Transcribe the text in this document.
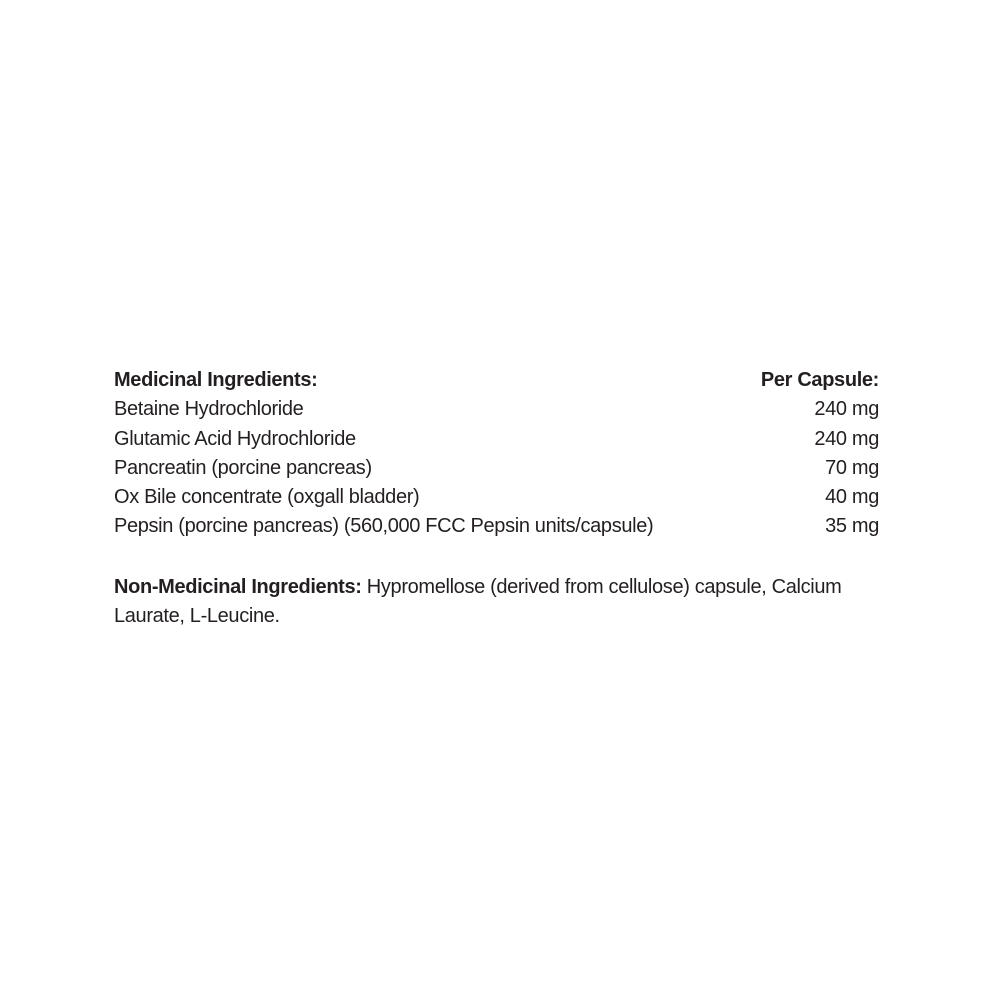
Medicinal Ingredients:	Per Capsule:
Betaine Hydrochloride	240 mg
Glutamic Acid Hydrochloride	240 mg
Pancreatin (porcine pancreas)	70 mg
Ox Bile concentrate (oxgall bladder)	40 mg
Pepsin (porcine pancreas) (560,000 FCC Pepsin units/capsule)	35 mg

Non-Medicinal Ingredients: Hypromellose (derived from cellulose) capsule, Calcium Laurate, L-Leucine.
